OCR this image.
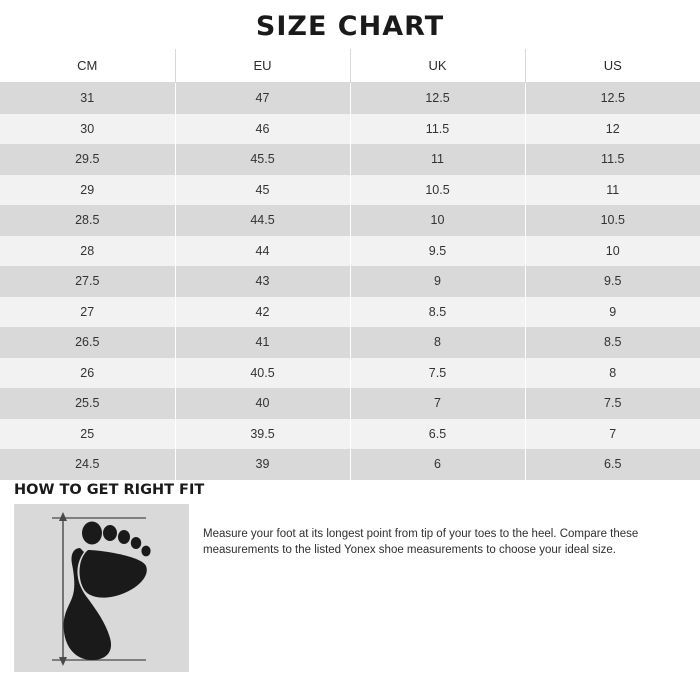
SIZE CHART
CM	EU	UK	US
31	47	12.5	12.5
30	46	11.5	12
29.5	45.5	11	11.5
29	45	10.5	11
28.5	44.5	10	10.5
28	44	9.5	10
27.5	43	9	9.5
27	42	8.5	9
26.5	41	8	8.5
26	40.5	7.5	8
25.5	40	7	7.5
25	39.5	6.5	7
24.5	39	6	6.5
HOW TO GET RIGHT FIT
Measure your foot at its longest point from tip of your toes to the heel. Compare these measurements to the listed Yonex shoe measurements to choose your ideal size.
